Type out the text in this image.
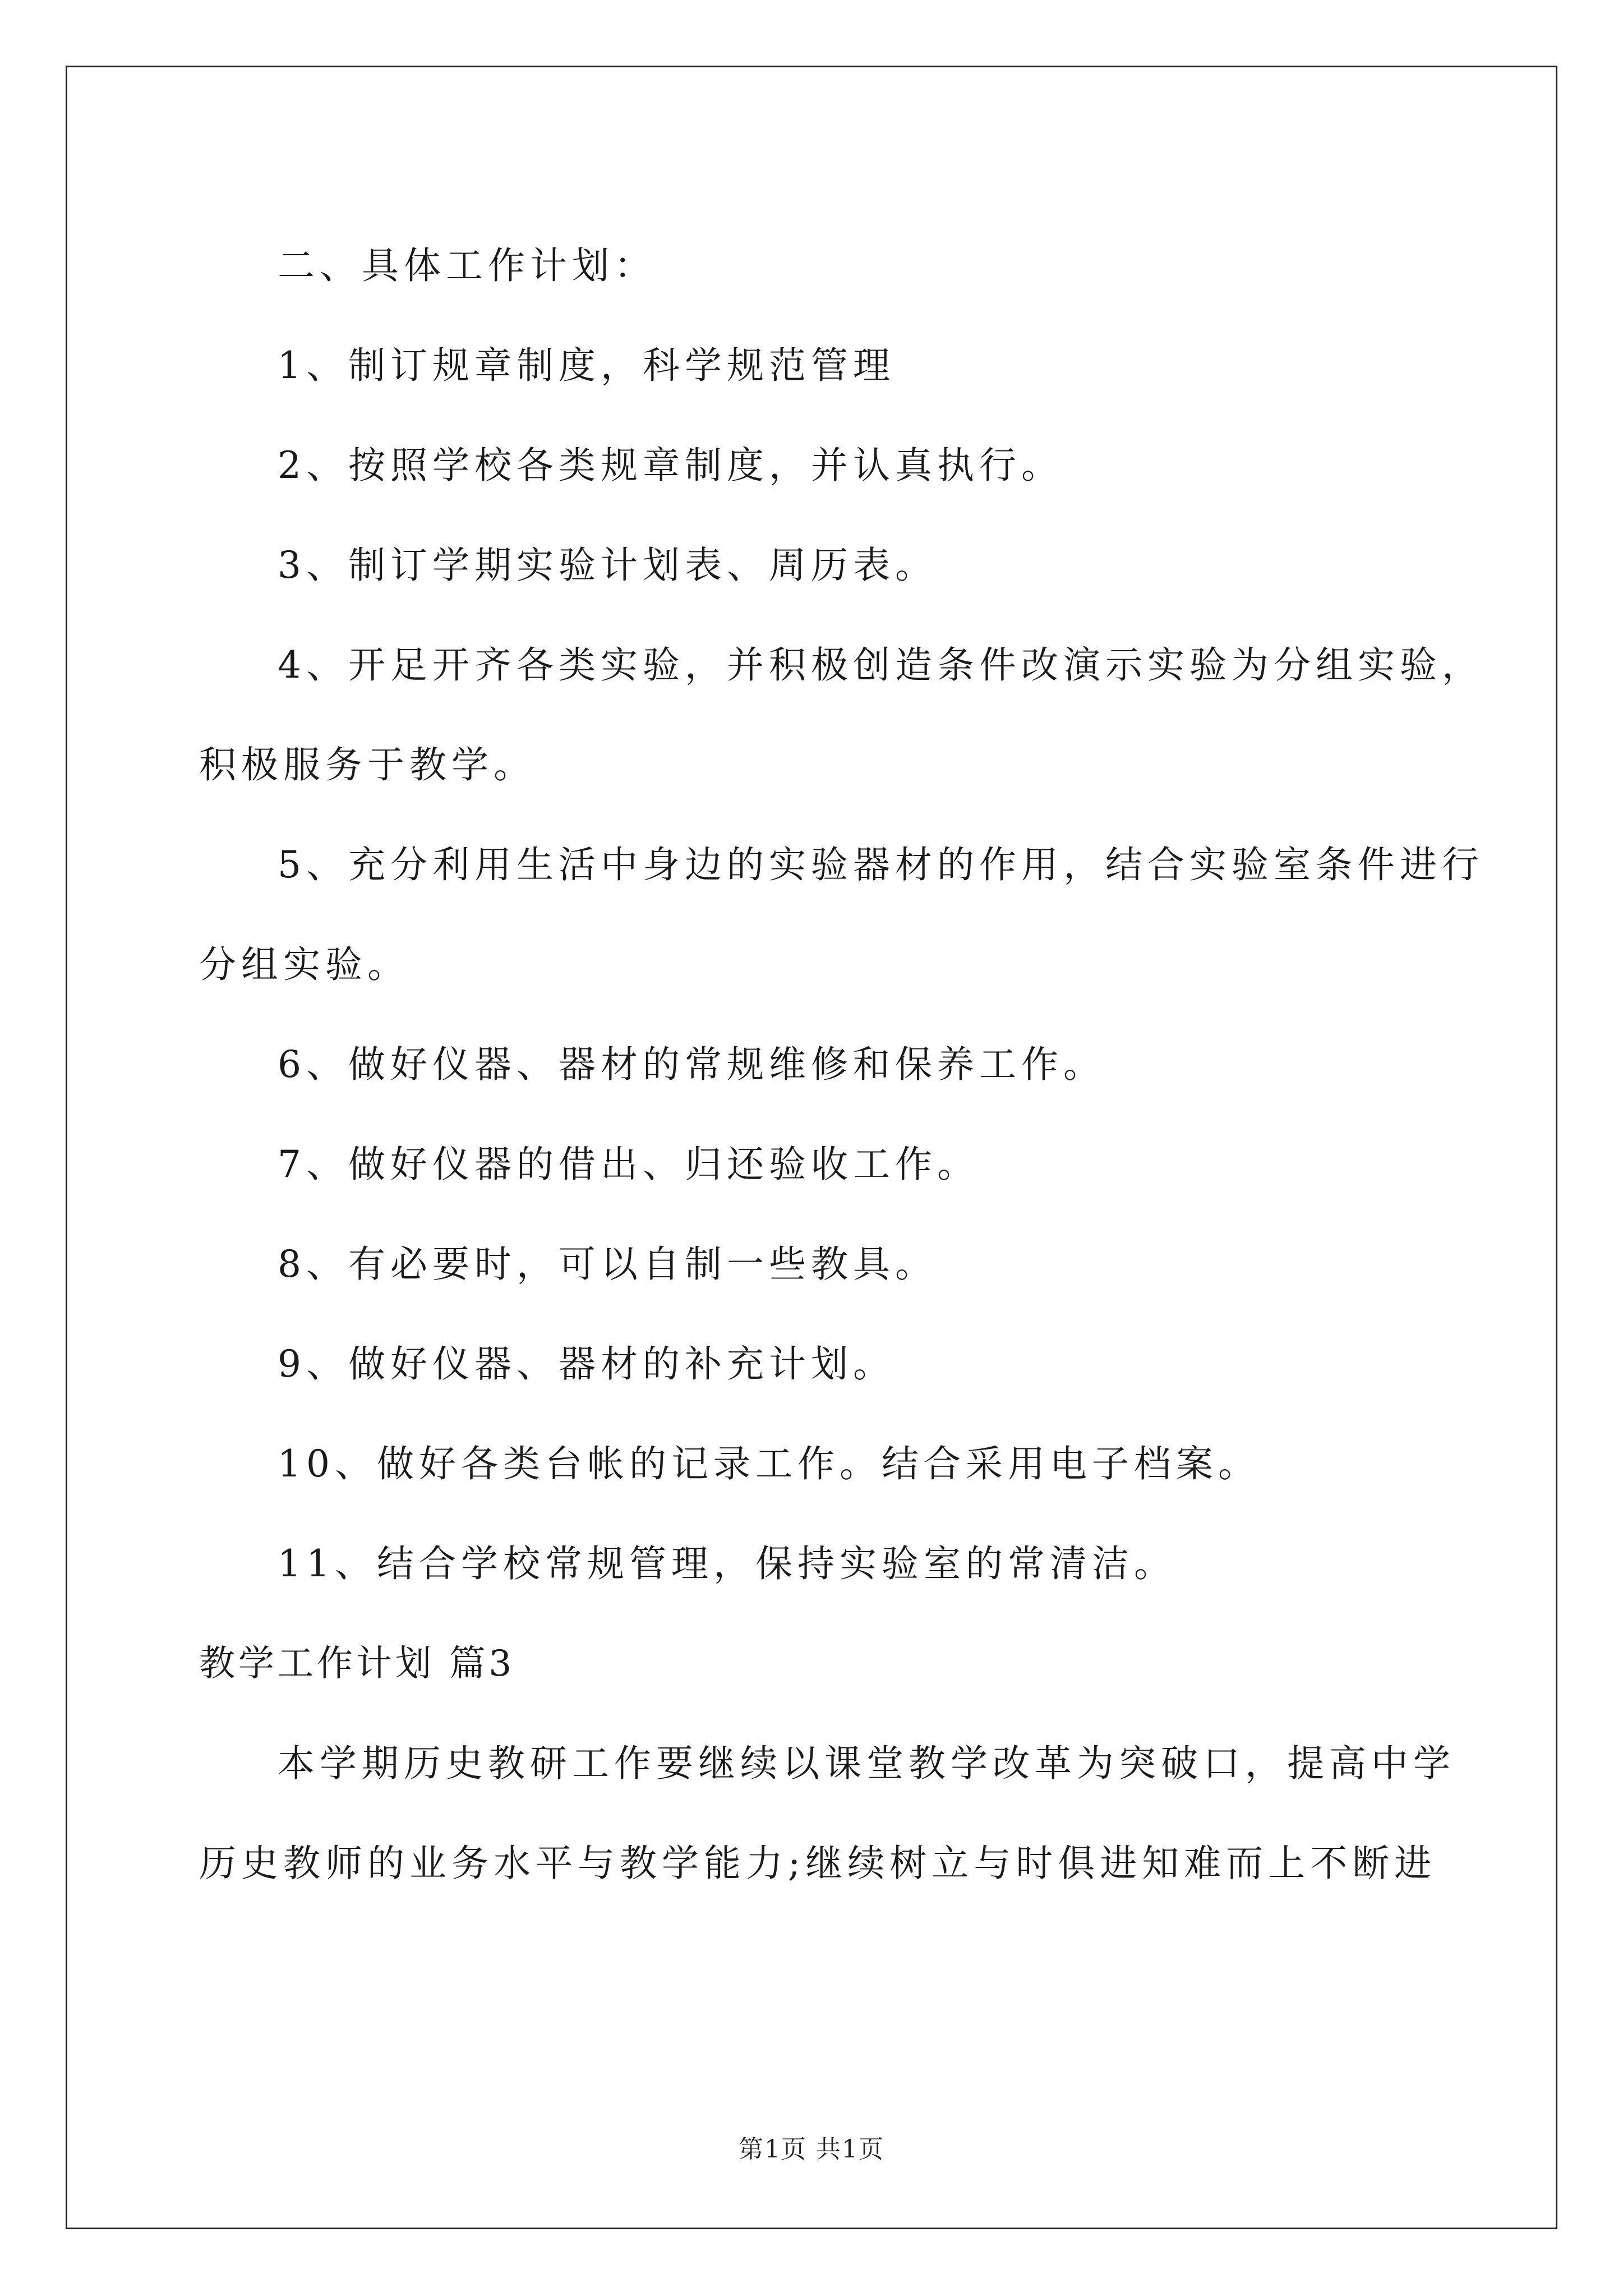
二、具体工作计划：

1、制订规章制度，科学规范管理

2、按照学校各类规章制度，并认真执行。

3、制订学期实验计划表、周历表。

4、开足开齐各类实验，并积极创造条件改演示实验为分组实验，

积极服务于教学。

5、充分利用生活中身边的实验器材的作用，结合实验室条件进行

分组实验。

6、做好仪器、器材的常规维修和保养工作。

7、做好仪器的借出、归还验收工作。

8、有必要时，可以自制一些教具。

9、做好仪器、器材的补充计划。

10、做好各类台帐的记录工作。结合采用电子档案。

11、结合学校常规管理，保持实验室的常清洁。

教学工作计划 篇3

本学期历史教研工作要继续以课堂教学改革为突破口，提高中学

历史教师的业务水平与教学能力;继续树立与时俱进知难而上不断进

第1页 共1页
